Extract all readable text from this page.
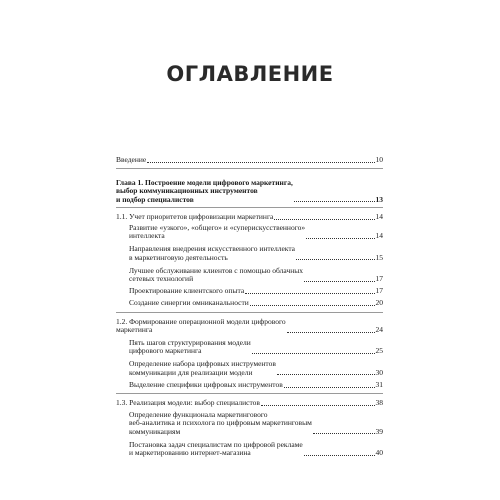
ОГЛАВЛЕНИЕ
Введение	10
Глава 1. Построение модели цифрового маркетинга,
выбор коммуникационных инструментов
и подбор специалистов	13
1.1. Учет приоритетов цифровизации маркетинга	14
Развитие «узкого», «общего» и «суперискусственного»
интеллекта	14
Направления внедрения искусственного интеллекта
в маркетинговую деятельность	15
Лучшее обслуживание клиентов с помощью облачных
сетевых технологий	17
Проектирование клиентского опыта	17
Создание синергии омниканальности	20
1.2. Формирование операционной модели цифрового
маркетинга	24
Пять шагов структурирования модели
цифрового маркетинга	25
Определение набора цифровых инструментов
коммуникации для реализации модели	30
Выделение специфики цифровых инструментов	31
1.3. Реализация модели: выбор специалистов	38
Определение функционала маркетингового
веб-аналитика и психолога по цифровым маркетинговым
коммуникациям	39
Постановка задач специалистам по цифровой рекламе
и маркетированию интернет-магазина	40
